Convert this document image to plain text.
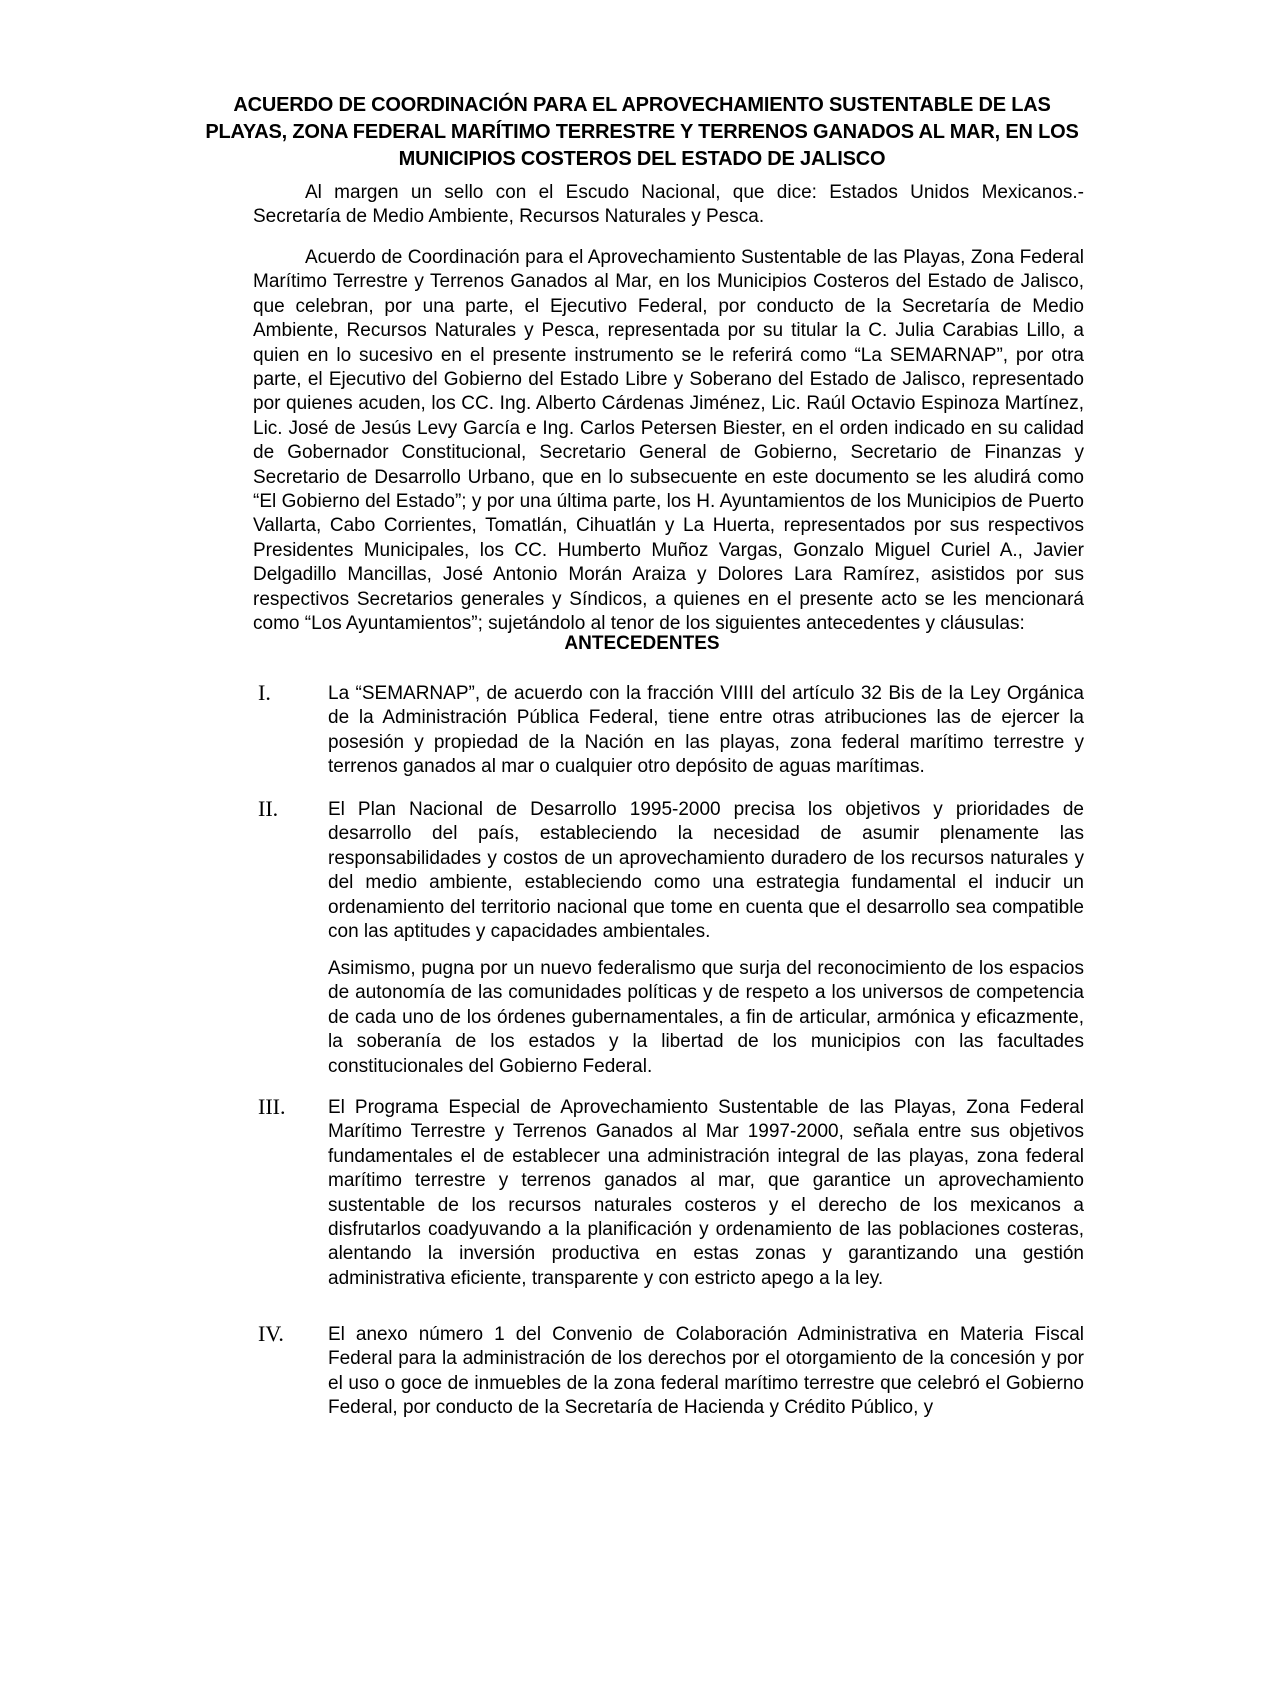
ACUERDO DE COORDINACIÓN PARA EL APROVECHAMIENTO SUSTENTABLE DE LAS PLAYAS, ZONA FEDERAL MARÍTIMO TERRESTRE Y TERRENOS GANADOS AL MAR, EN LOS MUNICIPIOS COSTEROS DEL ESTADO DE JALISCO

Al margen un sello con el Escudo Nacional, que dice: Estados Unidos Mexicanos.- Secretaría de Medio Ambiente, Recursos Naturales y Pesca.

Acuerdo de Coordinación para el Aprovechamiento Sustentable de las Playas, Zona Federal Marítimo Terrestre y Terrenos Ganados al Mar, en los Municipios Costeros del Estado de Jalisco, que celebran, por una parte, el Ejecutivo Federal, por conducto de la Secretaría de Medio Ambiente, Recursos Naturales y Pesca, representada por su titular la C. Julia Carabias Lillo, a quien en lo sucesivo en el presente instrumento se le referirá como “La SEMARNAP”, por otra parte, el Ejecutivo del Gobierno del Estado Libre y Soberano del Estado de Jalisco, representado por quienes acuden, los CC. Ing. Alberto Cárdenas Jiménez, Lic. Raúl Octavio Espinoza Martínez, Lic. José de Jesús Levy García e Ing. Carlos Petersen Biester, en el orden indicado en su calidad de Gobernador Constitucional, Secretario General de Gobierno, Secretario de Finanzas y Secretario de Desarrollo Urbano, que en lo subsecuente en este documento se les aludirá como “El Gobierno del Estado”; y por una última parte, los H. Ayuntamientos de los Municipios de Puerto Vallarta, Cabo Corrientes, Tomatlán, Cihuatlán y La Huerta, representados por sus respectivos Presidentes Municipales, los CC. Humberto Muñoz Vargas, Gonzalo Miguel Curiel A., Javier Delgadillo Mancillas, José Antonio Morán Araiza y Dolores Lara Ramírez, asistidos por sus respectivos Secretarios generales y Síndicos, a quienes en el presente acto se les mencionará como “Los Ayuntamientos”; sujetándolo al tenor de los siguientes antecedentes y cláusulas:

ANTECEDENTES
I.	La “SEMARNAP”, de acuerdo con la fracción VIIII del artículo 32 Bis de la Ley Orgánica de la Administración Pública Federal, tiene entre otras atribuciones las de ejercer la posesión y propiedad de la Nación en las playas, zona federal marítimo terrestre y terrenos ganados al mar o cualquier otro depósito de aguas marítimas.

II.	El Plan Nacional de Desarrollo 1995-2000 precisa los objetivos y prioridades de desarrollo del país, estableciendo la necesidad de asumir plenamente las responsabilidades y costos de un aprovechamiento duradero de los recursos naturales y del medio ambiente, estableciendo como una estrategia fundamental el inducir un ordenamiento del territorio nacional que tome en cuenta que el desarrollo sea compatible con las aptitudes y capacidades ambientales.

Asimismo, pugna por un nuevo federalismo que surja del reconocimiento de los espacios de autonomía de las comunidades políticas y de respeto a los universos de competencia de cada uno de los órdenes gubernamentales, a fin de articular, armónica y eficazmente, la soberanía de los estados y la libertad de los municipios con las facultades constitucionales del Gobierno Federal.

III. El Programa Especial de Aprovechamiento Sustentable de las Playas, Zona Federal Marítimo Terrestre y Terrenos Ganados al Mar 1997-2000, señala entre sus objetivos fundamentales el de establecer una administración integral de las playas, zona federal marítimo terrestre y terrenos ganados al mar, que garantice un aprovechamiento sustentable de los recursos naturales costeros y el derecho de los mexicanos a disfrutarlos coadyuvando a la planificación y ordenamiento de las poblaciones costeras, alentando la inversión productiva en estas zonas y garantizando una gestión administrativa eficiente, transparente y con estricto apego a la ley.

IV. El anexo número 1 del Convenio de Colaboración Administrativa en Materia Fiscal Federal para la administración de los derechos por el otorgamiento de la concesión y por el uso o goce de inmuebles de la zona federal marítimo terrestre que celebró el Gobierno Federal, por conducto de la Secretaría de Hacienda y Crédito Público, y
